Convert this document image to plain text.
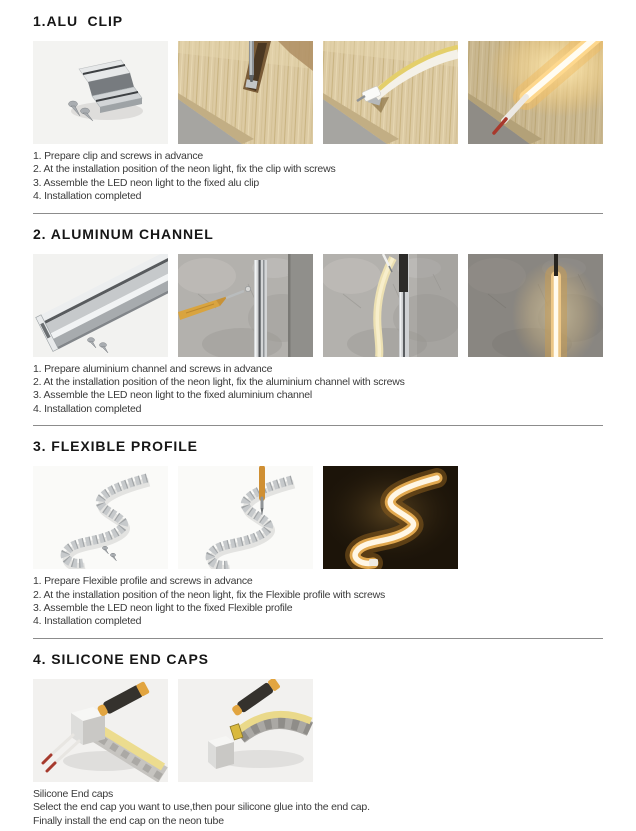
1.ALU  CLIP
1. Prepare clip and screws in advance
2. At the installation position of the neon light, fix the clip with screws
3. Assemble the LED neon light to the fixed alu clip
4. Installation completed
2. ALUMINUM CHANNEL
1. Prepare aluminium channel and screws in advance
2. At the installation position of the neon light, fix the aluminium channel with screws
3. Assemble the LED neon light to the fixed aluminium channel
4. Installation completed
3. FLEXIBLE PROFILE
1. Prepare Flexible profile and screws in advance
2. At the installation position of the neon light, fix the Flexible profile with screws
3. Assemble the LED neon light to the fixed Flexible profile
4. Installation completed
4. SILICONE END CAPS
Silicone End caps
Select the end cap you want to use,then pour silicone glue into the end cap.
Finally install the end cap on the neon tube
